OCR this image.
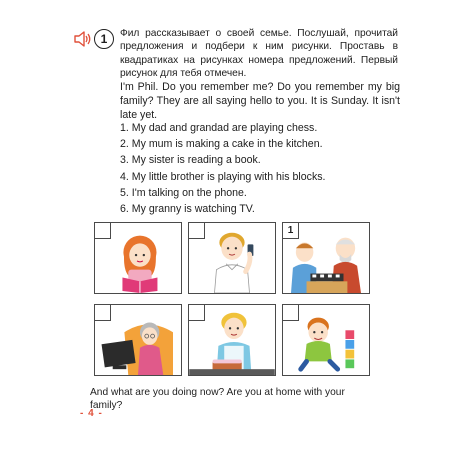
1	Фил рассказывает о своей семье. Послушай, прочитай предложения и подбери к ним рисунки. Проставь в квадратиках на рисунках номера предложений. Первый рисунок для тебя отмечен.

I'm Phil. Do you remember me? Do you remember my big family? They are all saying hello to you. It is Sunday. It isn't late yet.

1. My dad and grandad are playing chess.
2. My mum is making a cake in the kitchen.
3. My sister is reading a book.
4. My little brother is playing with his blocks.
5. I'm talking on the phone.
6. My granny is watching TV.
1

And what are you doing now? Are you at home with your family?

- 4 -
